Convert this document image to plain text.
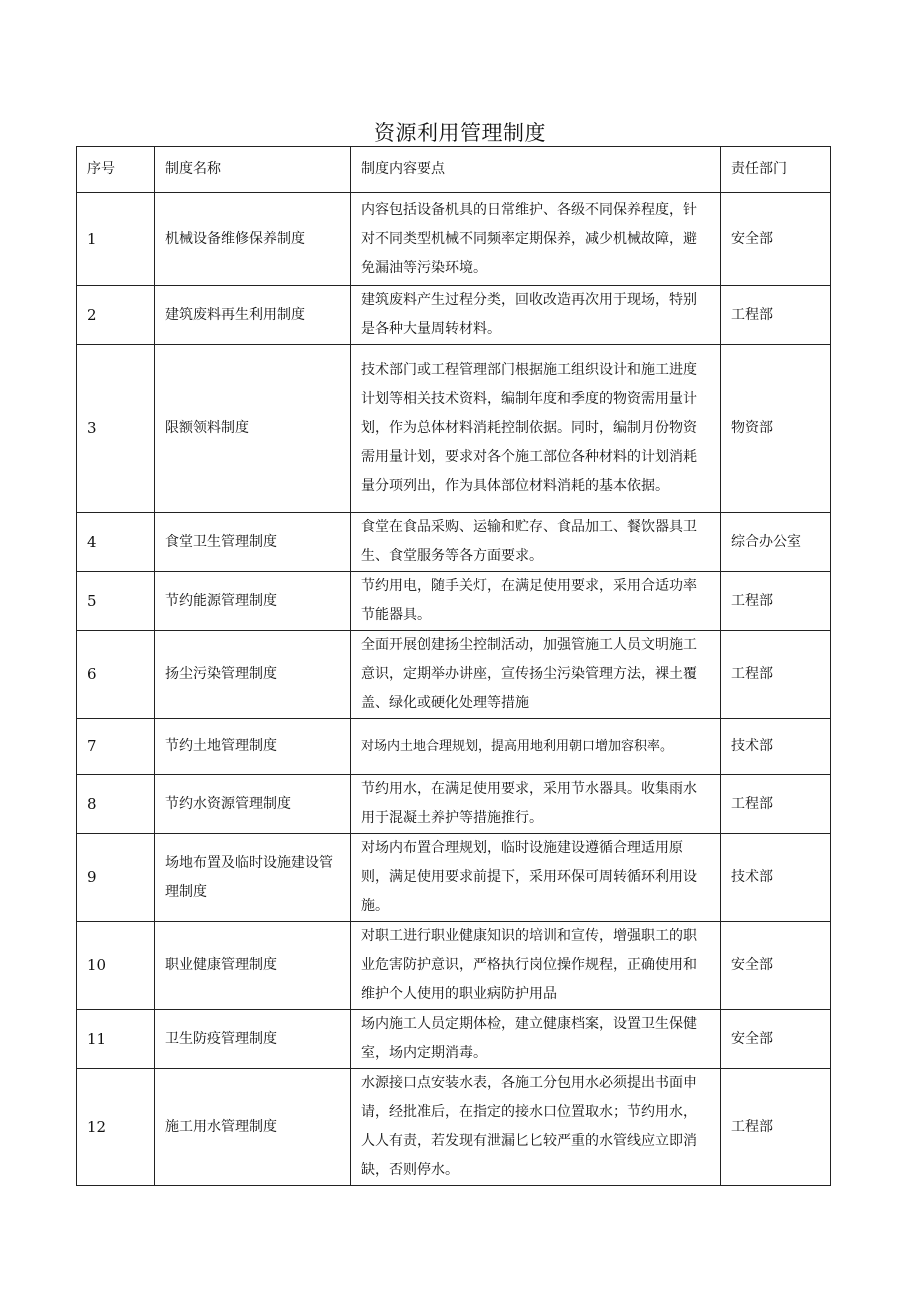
资源利用管理制度
序号	制度名称	制度内容要点	责任部门
1	机械设备维修保养制度	内容包括设备机具的日常维护、各级不同保养程度，针对不同类型机械不同频率定期保养，减少机械故障，避免漏油等污染环境。	安全部
2	建筑废料再生利用制度	建筑废料产生过程分类，回收改造再次用于现场，特别是各种大量周转材料。	工程部
3	限额领料制度	技术部门或工程管理部门根据施工组织设计和施工进度计划等相关技术资料，编制年度和季度的物资需用量计划，作为总体材料消耗控制依据。同时，编制月份物资需用量计划，要求对各个施工部位各种材料的计划消耗量分项列出，作为具体部位材料消耗的基本依据。	物资部
4	食堂卫生管理制度	食堂在食品采购、运输和贮存、食品加工、餐饮器具卫生、食堂服务等各方面要求。	综合办公室
5	节约能源管理制度	节约用电，随手关灯，在满足使用要求，采用合适功率节能器具。	工程部
6	扬尘污染管理制度	全面开展创建扬尘控制活动，加强管施工人员文明施工意识，定期举办讲座，宣传扬尘污染管理方法，裸土覆盖、绿化或硬化处理等措施	工程部
7	节约土地管理制度	对场内土地合理规划，提高用地利用朝口增加容积率。	技术部
8	节约水资源管理制度	节约用水，在满足使用要求，采用节水器具。收集雨水用于混凝土养护等措施推行。	工程部
9	场地布置及临时设施建设管理制度	对场内布置合理规划，临时设施建设遵循合理适用原则，满足使用要求前提下，采用环保可周转循环利用设施。	技术部
10	职业健康管理制度	对职工进行职业健康知识的培训和宣传，增强职工的职业危害防护意识，严格执行岗位操作规程，正确使用和维护个人使用的职业病防护用品	安全部
11	卫生防疫管理制度	场内施工人员定期体检，建立健康档案，设置卫生保健室，场内定期消毒。	安全部
12	施工用水管理制度	水源接口点安装水表，各施工分包用水必须提出书面申请，经批准后，在指定的接水口位置取水；节约用水，人人有责，若发现有泄漏匕匕较严重的水管线应立即消缺，否则停水。	工程部
